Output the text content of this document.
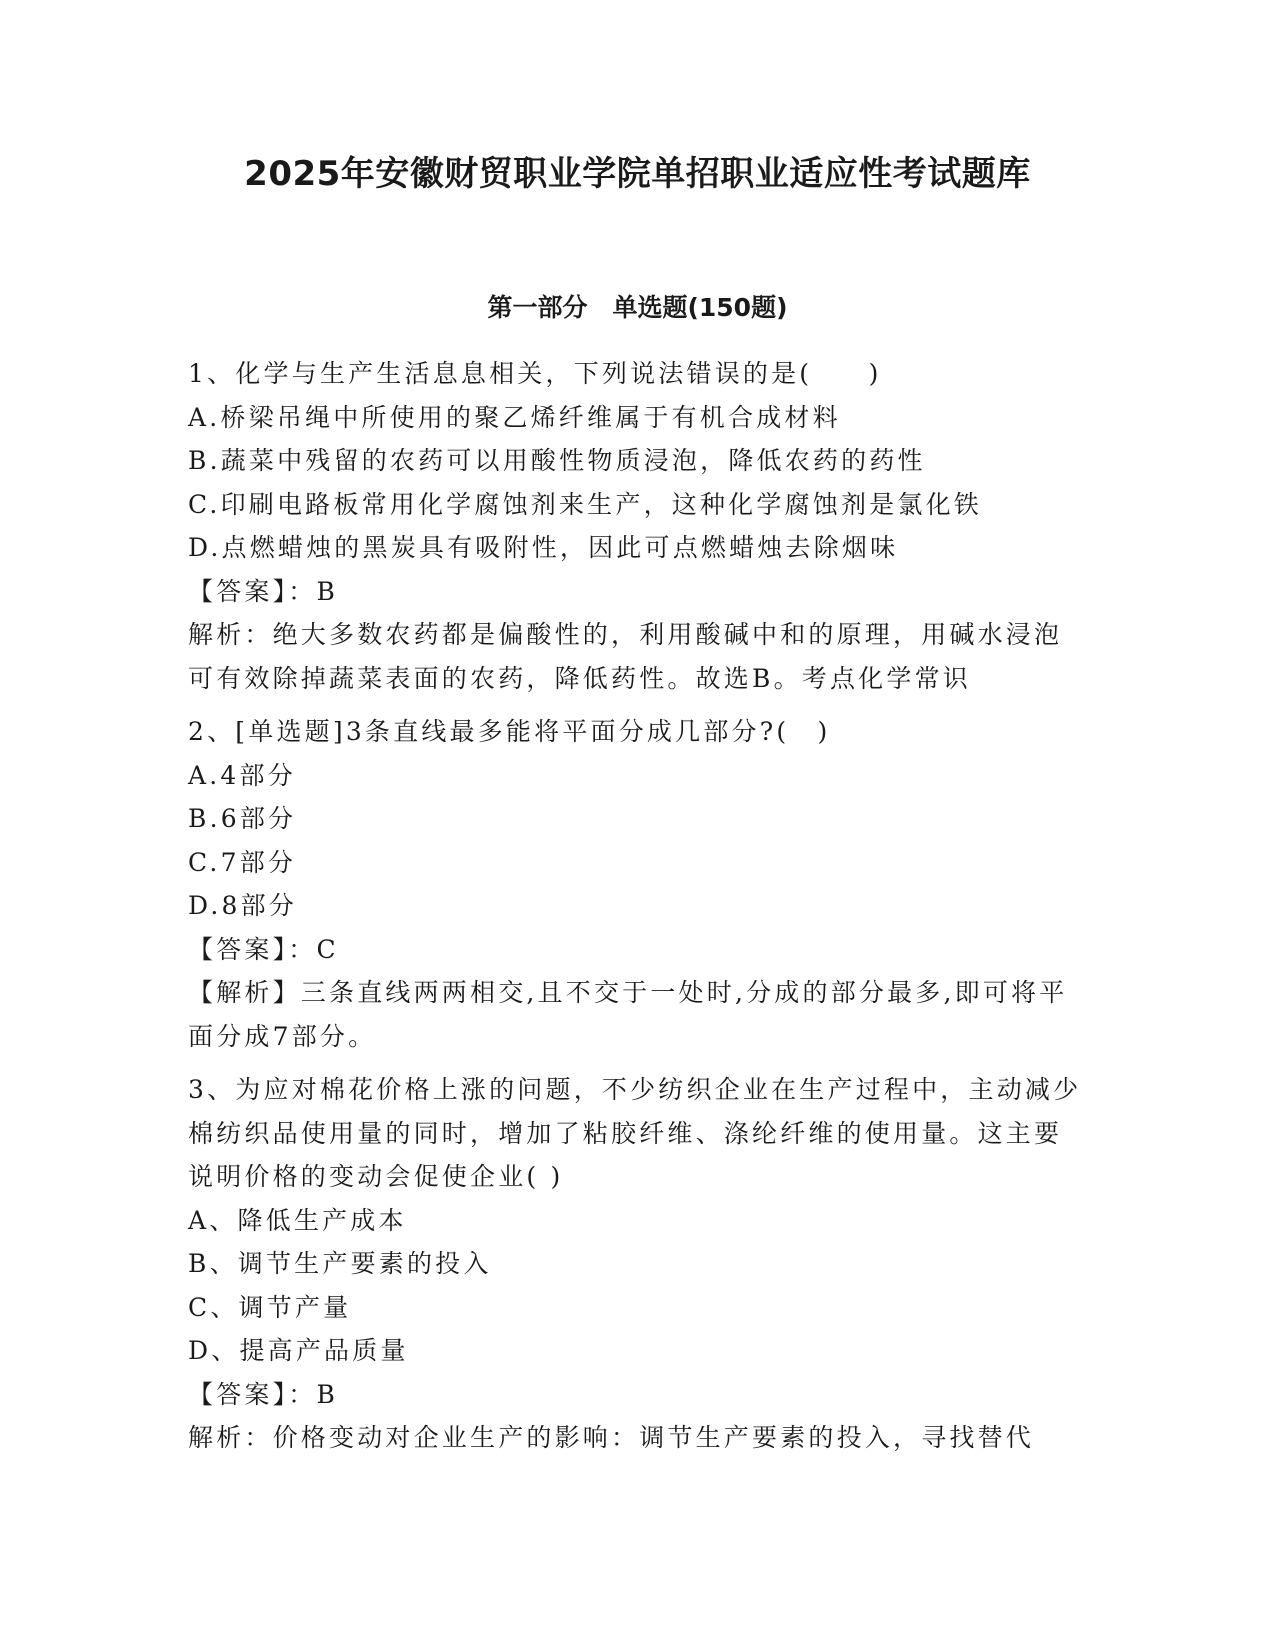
2025年安徽财贸职业学院单招职业适应性考试题库
第一部分　单选题(150题)
1、化学与生产生活息息相关，下列说法错误的是(　　)
A.桥梁吊绳中所使用的聚乙烯纤维属于有机合成材料
B.蔬菜中残留的农药可以用酸性物质浸泡，降低农药的药性
C.印刷电路板常用化学腐蚀剂来生产，这种化学腐蚀剂是氯化铁
D.点燃蜡烛的黑炭具有吸附性，因此可点燃蜡烛去除烟味
【答案】：B
解析：绝大多数农药都是偏酸性的，利用酸碱中和的原理，用碱水浸泡可有效除掉蔬菜表面的农药，降低药性。故选B。考点化学常识
2、[单选题]3条直线最多能将平面分成几部分?(　)
A.4部分
B.6部分
C.7部分
D.8部分
【答案】：C
【解析】三条直线两两相交,且不交于一处时,分成的部分最多,即可将平面分成7部分。
3、为应对棉花价格上涨的问题，不少纺织企业在生产过程中，主动减少棉纺织品使用量的同时，增加了粘胶纤维、涤纶纤维的使用量。这主要说明价格的变动会促使企业( )
A、降低生产成本
B、调节生产要素的投入
C、调节产量
D、提高产品质量
【答案】：B
解析：价格变动对企业生产的影响：调节生产要素的投入，寻找替代
